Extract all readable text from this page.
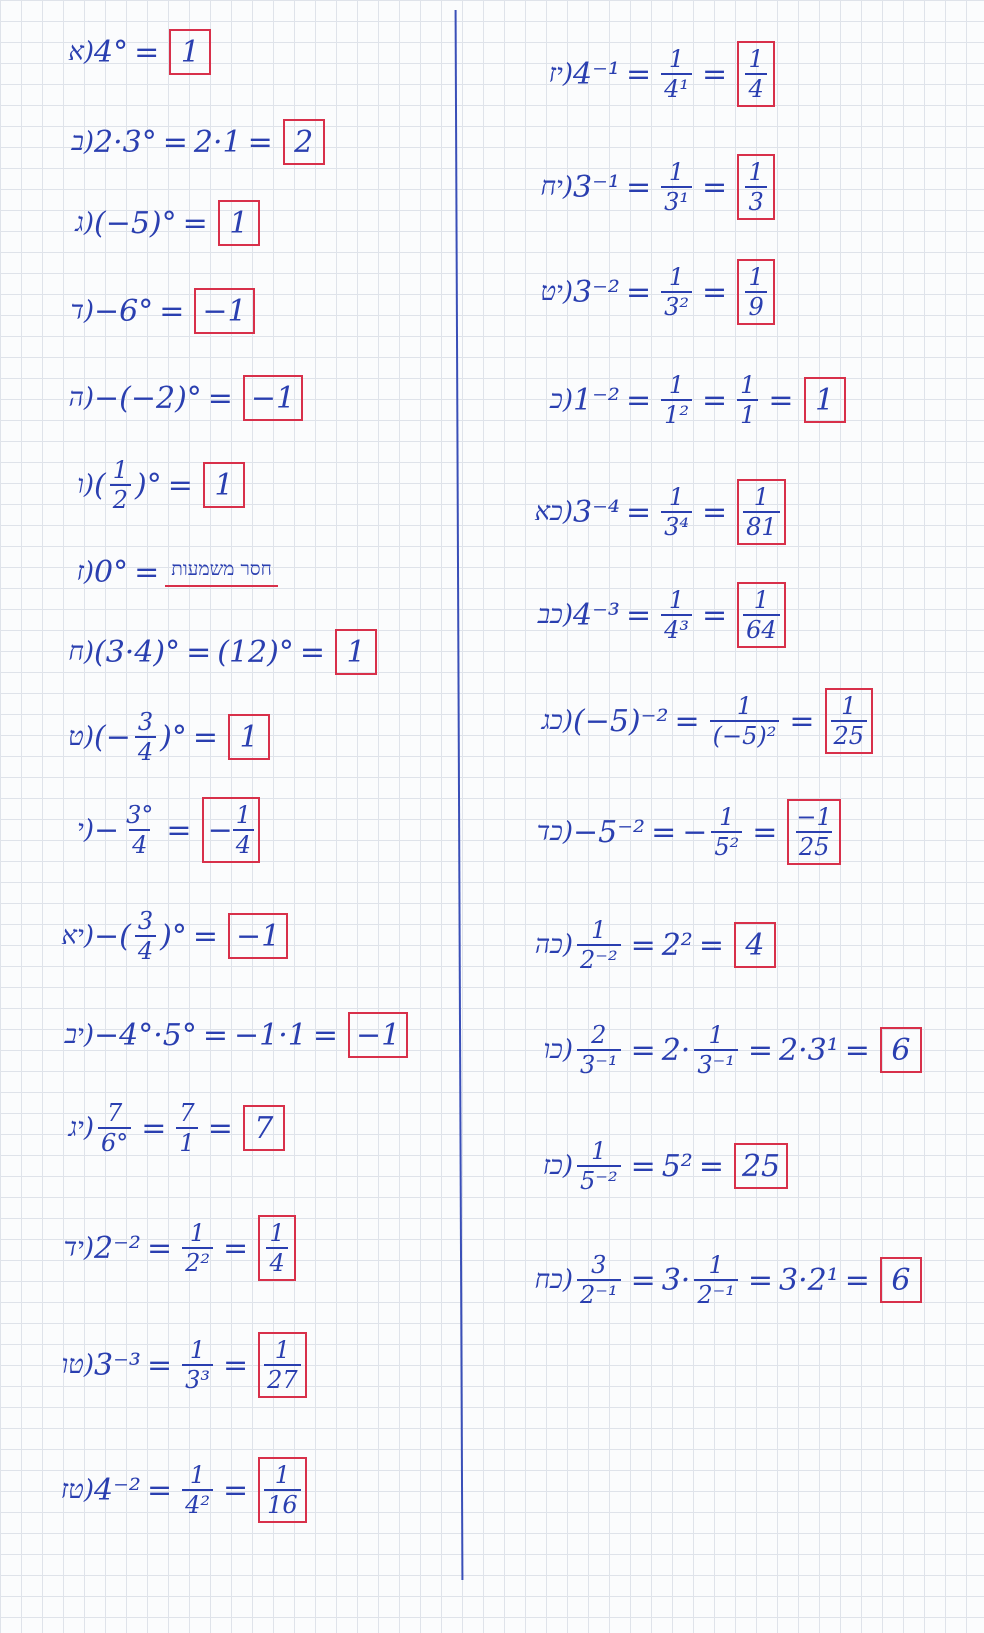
(א 4° = 1
(ב 2·3° = 2·1 = 2
(ג (−5)° = 1
(ד −6° = −1
(ה −(−2)° = −1
(ו ( $\frac{1}{2}$ )° = 1
(ז 0° = חסר משמעות
(ח (3·4)° = (12)° = 1
(ט (− $\frac{3}{4}$ )° = 1
(י − $\frac{3^\circ}{4}$ = − $\frac{1}{4}$
(יא −( $\frac{3}{4}$ )° = −1
(יב −4°·5° = −1·1 = −1
(יג $\frac{7}{6^\circ} = \frac{7}{1} = 7$
(יד $2^{-2} = \frac{1}{\text{2²}} = \frac{1}{4}$
(טו $3^{-3} = \frac{1}{\text{3³}} = \frac{1}{27}$
(טז $4^{-2} = \frac{1}{\text{4²}} = \frac{1}{16}$
(יז $4^{-1} = \frac{1}{\text{4¹}} = \frac{1}{4}$
(יח $3^{-1} = \frac{1}{\text{3¹}} = \frac{1}{3}$
(יט $3^{-2} = \frac{1}{\text{3²}} = \frac{1}{9}$
(כ $1^{-2} = \frac{1}{\text{1²}} = \frac{1}{1} = 1$
(כא $3^{-4} = \frac{1}{\text{3⁴}} = \frac{1}{81}$
(כב $4^{-3} = \frac{1}{\text{4³}} = \frac{1}{64}$
(כג $(-5)^{-2} = \frac{1}{\text{(−5)²}} = \frac{1}{25}$
(כד −5⁻² = − $\frac{1}{\text{5²}} = \frac{-1}{25}$
(כה $\frac{1}{\text{2⁻²}} = 2^2 = 4$
(כו $\frac{2}{\text{3⁻¹}} = 2\cdot \frac{1}{\text{3⁻¹}} = 2\cdot 3^1 = 6$
(כז $\frac{1}{\text{5⁻²}} = 5^2 = 25$
(כח $\frac{3}{\text{2⁻¹}} = 3\cdot \frac{1}{\text{2⁻¹}} = 3\cdot 2^1 = 6$
